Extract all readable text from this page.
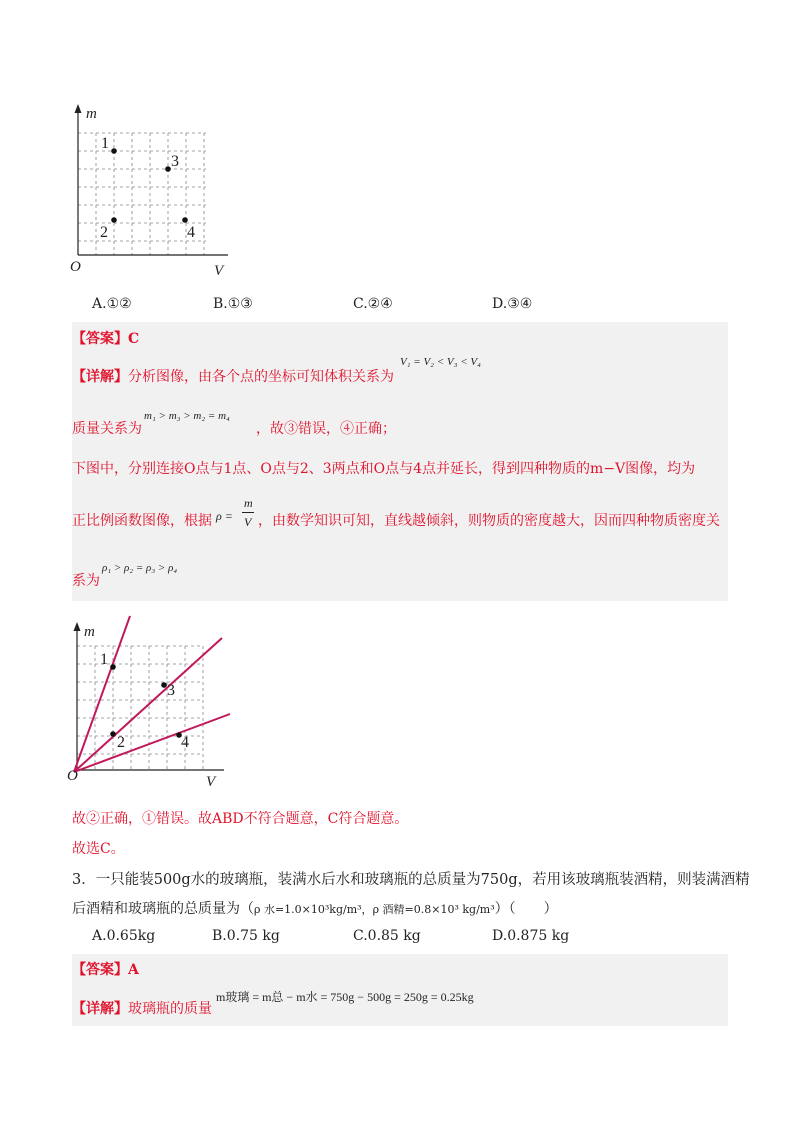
m
V
O
1
2
3
4
A.①②	B.①③	C.②④	D.③④
【答案】C
【详解】分析图像，由各个点的坐标可知体积关系为
V₁ = V₂ < V₃ < V₄
质量关系为
m₁ > m₃ > m₂ = m₄
，故③错误，④正确；
下图中，分别连接O点与1点、O点与2、3两点和O点与4点并延长，得到四种物质的m−V图像，均为
正比例函数图像，根据 ρ =
m
V ，由数学知识可知，直线越倾斜，则物质的密度越大，因而四种物质密度关
系为
ρ₁ > ρ₂ = ρ₃ > ρ₄
m
V
O
1
2
3
4
故②正确，①错误。故ABD不符合题意，C符合题意。
故选C。
3．一只能装500g水的玻璃瓶，装满水后水和玻璃瓶的总质量为750g，若用该玻璃瓶装酒精，则装满酒精
后酒精和玻璃瓶的总质量为（ρ 水=1.0×10³kg/m³，ρ 酒精=0.8×10³ kg/m³）（　　）
A.0.65kg	B.0.75 kg	C.0.85 kg	D.0.875 kg
【答案】A
【详解】玻璃瓶的质量
m玻璃 = m总 − m水 = 750g − 500g = 250g = 0.25kg
